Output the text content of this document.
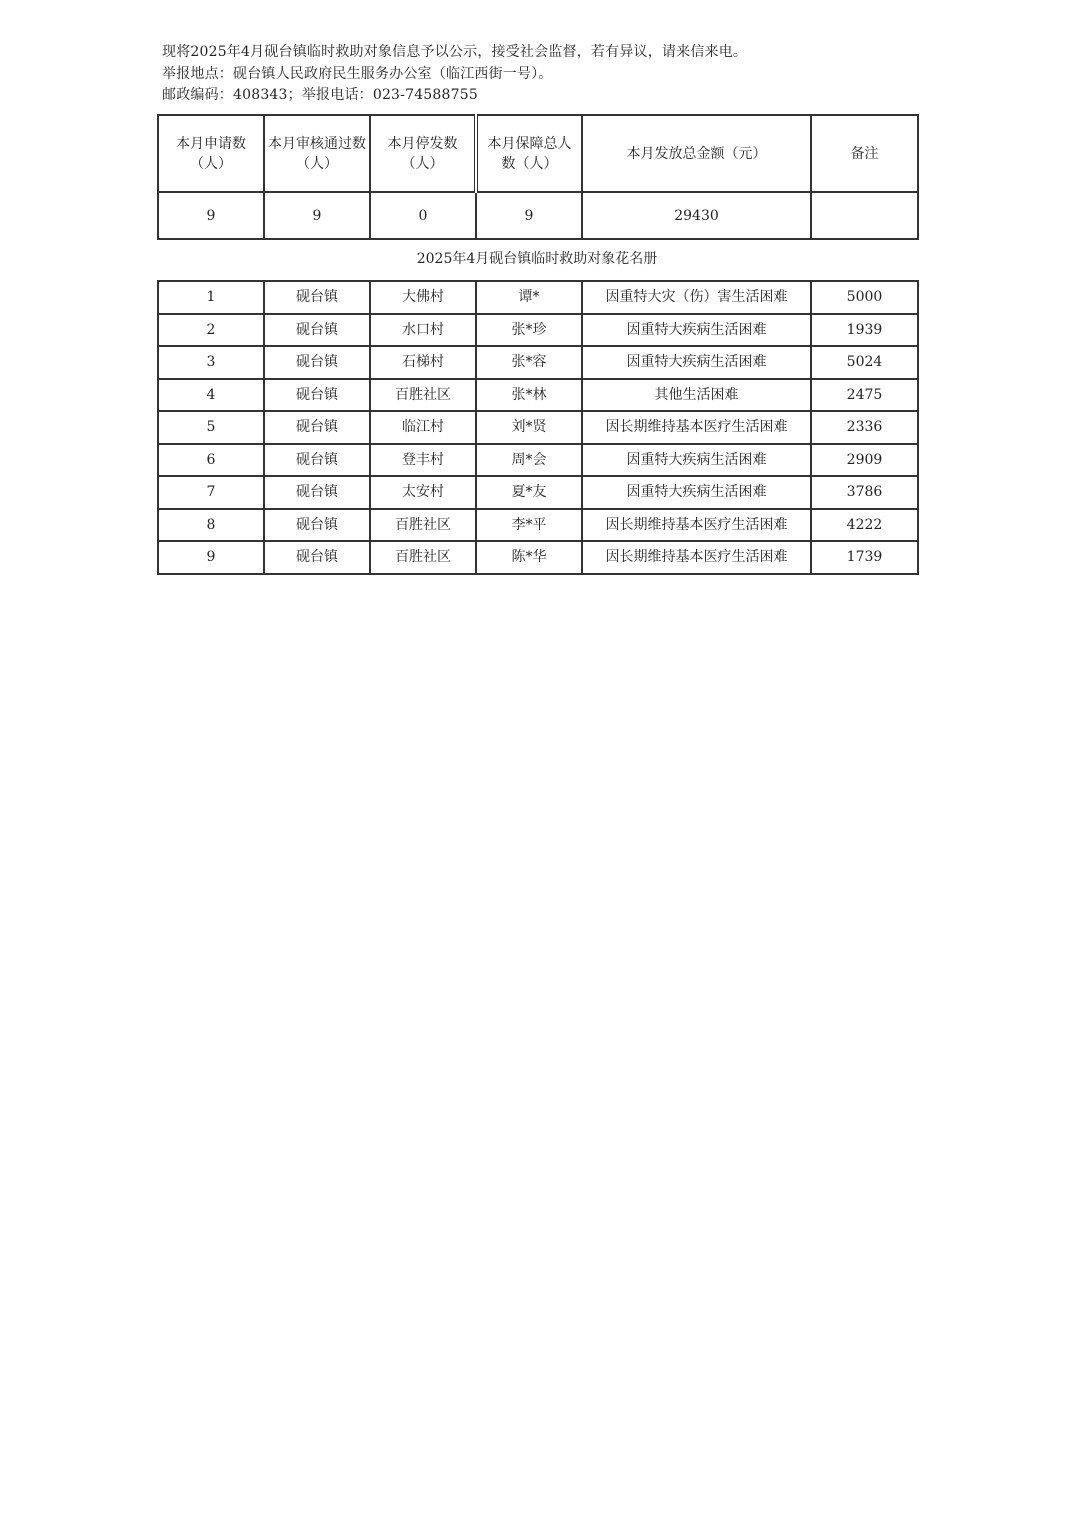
现将2025年4月砚台镇临时救助对象信息予以公示，接受社会监督，若有异议，请来信来电。
举报地点：砚台镇人民政府民生服务办公室（临江西街一号）。
邮政编码：408343；举报电话：023-74588755
本月申请数（人）	本月审核通过数（人）	本月停发数（人）	本月保障总人数（人）	本月发放总金额（元）	备注
9	9	0	9	29430	
2025年4月砚台镇临时救助对象花名册
1	砚台镇	大佛村	谭*	因重特大灾（伤）害生活困难	5000
2	砚台镇	水口村	张*珍	因重特大疾病生活困难	1939
3	砚台镇	石梯村	张*容	因重特大疾病生活困难	5024
4	砚台镇	百胜社区	张*林	其他生活困难	2475
5	砚台镇	临江村	刘*贤	因长期维持基本医疗生活困难	2336
6	砚台镇	登丰村	周*会	因重特大疾病生活困难	2909
7	砚台镇	太安村	夏*友	因重特大疾病生活困难	3786
8	砚台镇	百胜社区	李*平	因长期维持基本医疗生活困难	4222
9	砚台镇	百胜社区	陈*华	因长期维持基本医疗生活困难	1739
